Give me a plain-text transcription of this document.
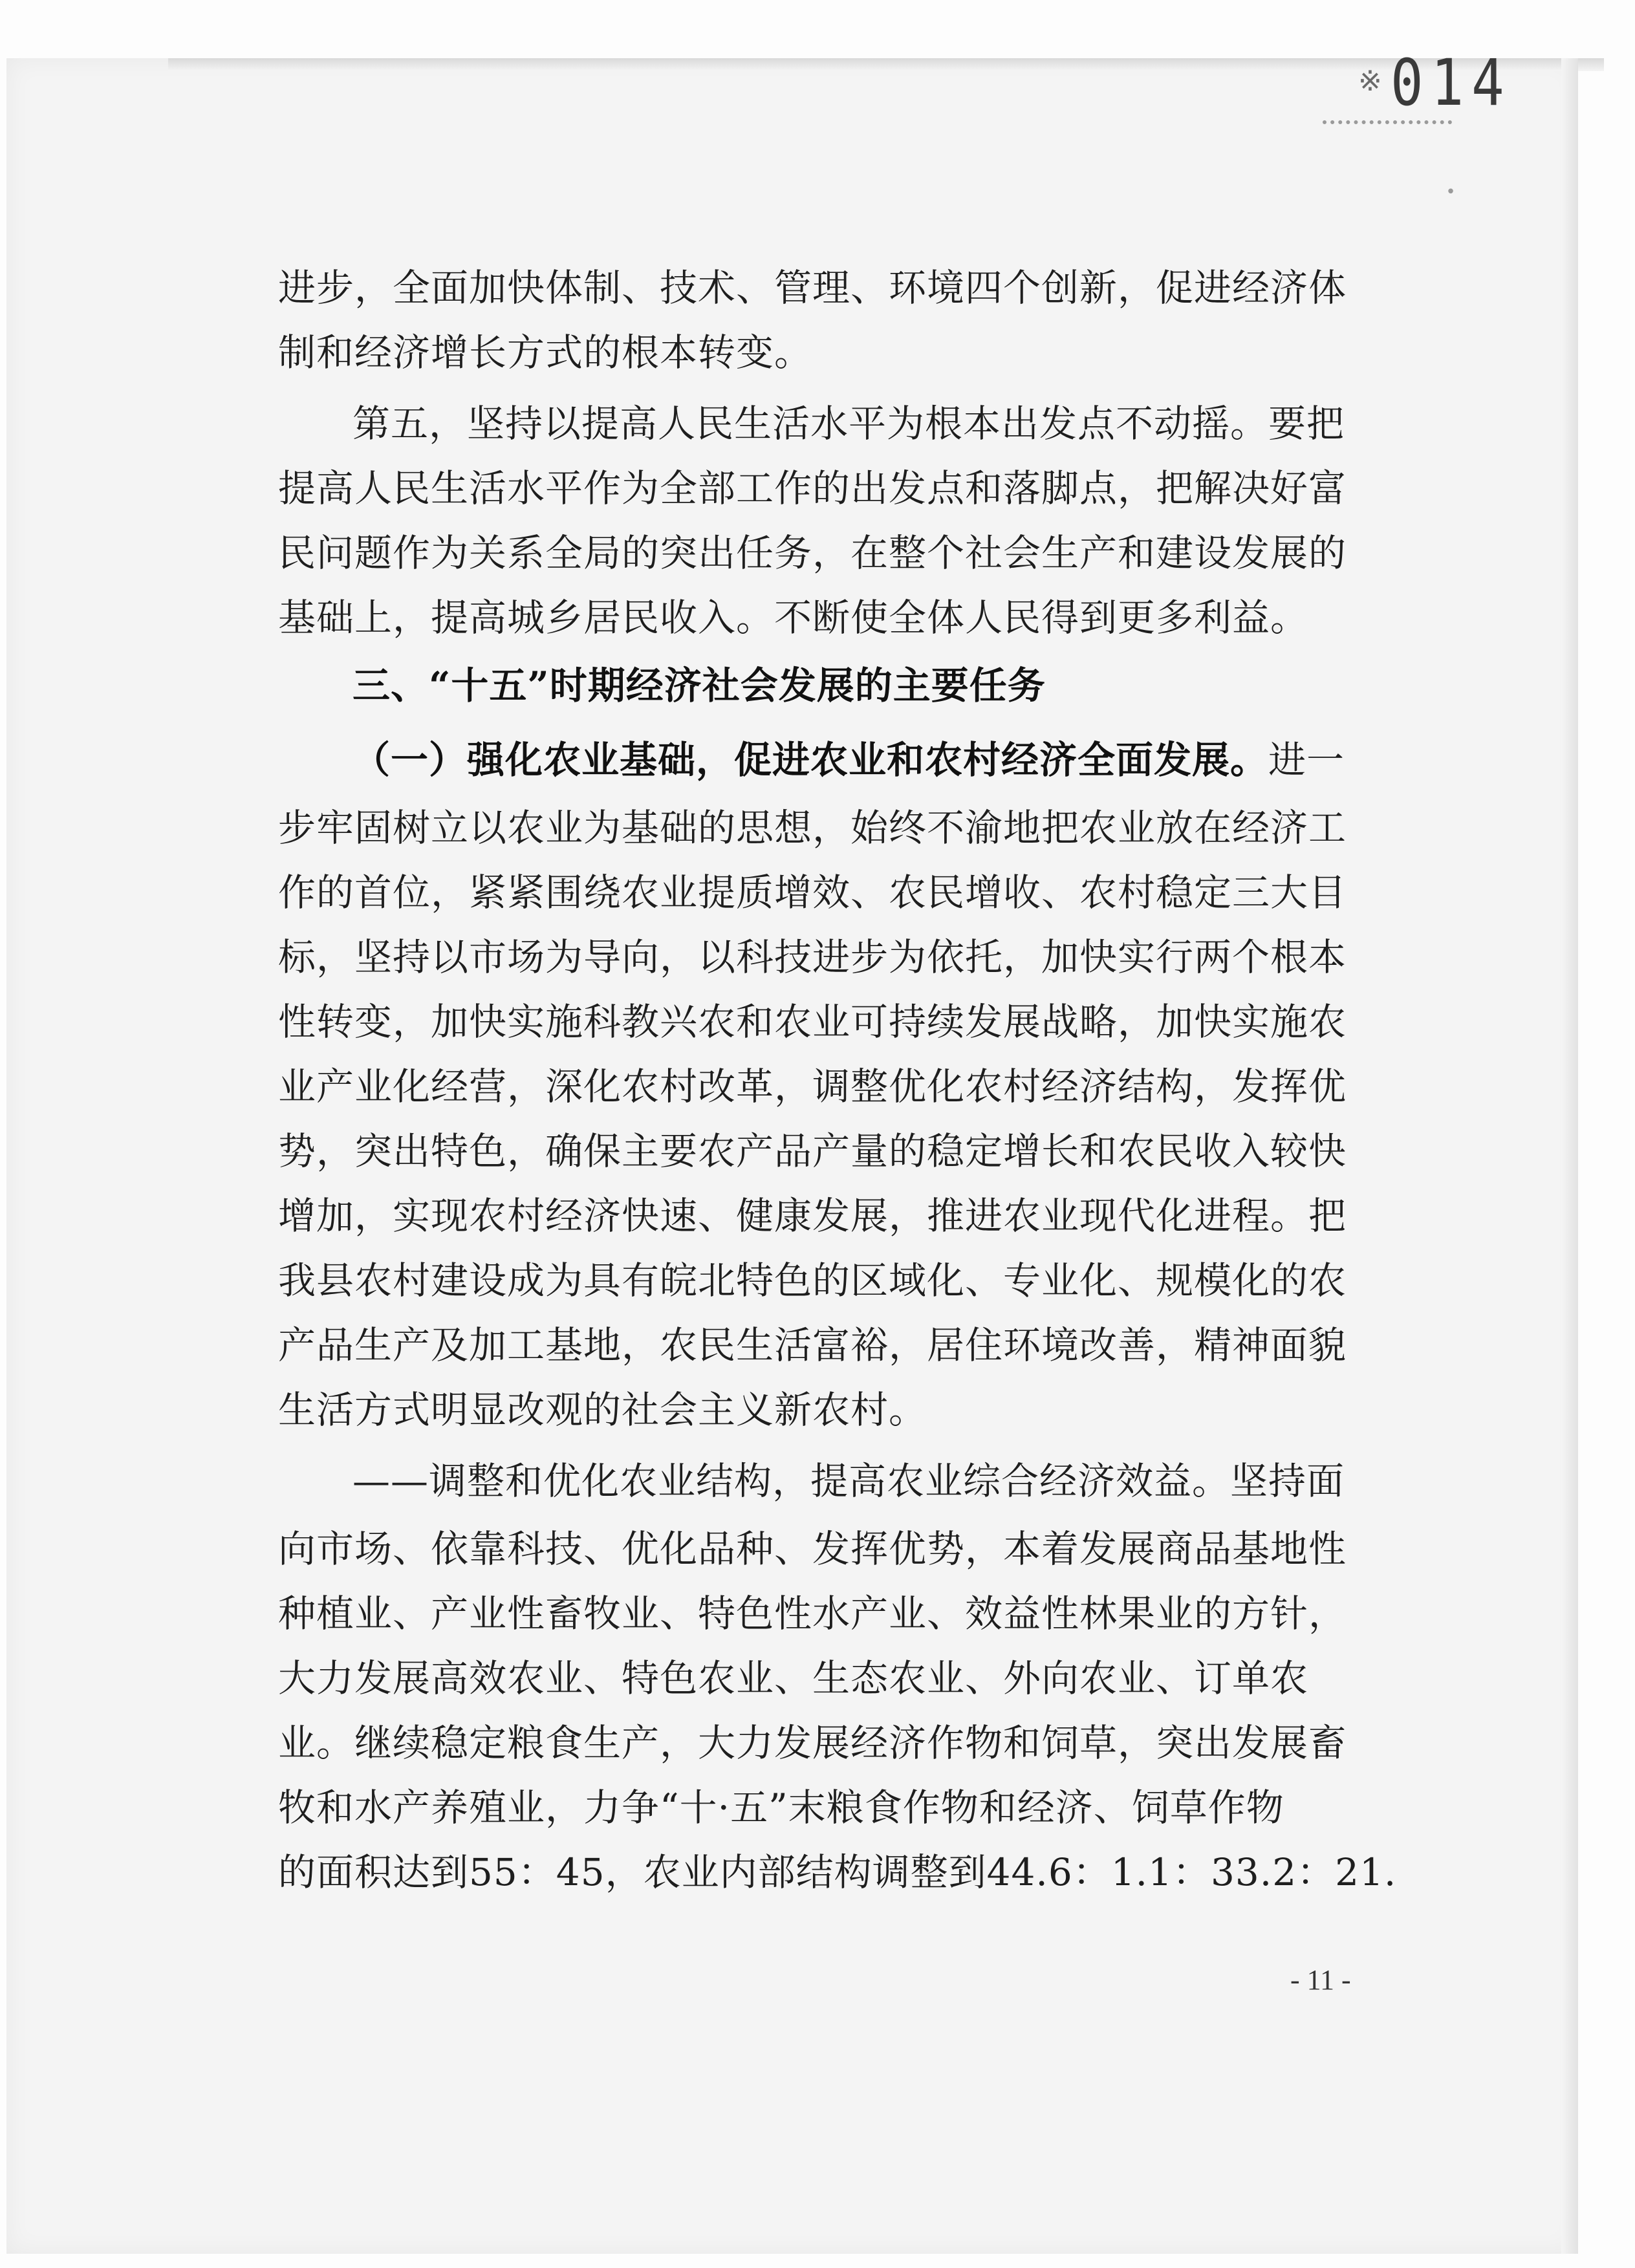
※ 014
•
进步，全面加快体制、技术、管理、环境四个创新，促进经济体
制和经济增长方式的根本转变。
第五，坚持以提高人民生活水平为根本出发点不动摇。要把
提高人民生活水平作为全部工作的出发点和落脚点，把解决好富
民问题作为关系全局的突出任务，在整个社会生产和建设发展的
基础上，提高城乡居民收入。不断使全体人民得到更多利益。
三、“十五”时期经济社会发展的主要任务
（一）强化农业基础，促进农业和农村经济全面发展。进一
步牢固树立以农业为基础的思想，始终不渝地把农业放在经济工
作的首位，紧紧围绕农业提质增效、农民增收、农村稳定三大目
标，坚持以市场为导向，以科技进步为依托，加快实行两个根本
性转变，加快实施科教兴农和农业可持续发展战略，加快实施农
业产业化经营，深化农村改革，调整优化农村经济结构，发挥优
势，突出特色，确保主要农产品产量的稳定增长和农民收入较快
增加，实现农村经济快速、健康发展，推进农业现代化进程。把
我县农村建设成为具有皖北特色的区域化、专业化、规模化的农
产品生产及加工基地，农民生活富裕，居住环境改善，精神面貌
生活方式明显改观的社会主义新农村。
——调整和优化农业结构，提高农业综合经济效益。坚持面
向市场、依靠科技、优化品种、发挥优势，本着发展商品基地性
种植业、产业性畜牧业、特色性水产业、效益性林果业的方针，
大力发展高效农业、特色农业、生态农业、外向农业、订单农
业。继续稳定粮食生产，大力发展经济作物和饲草，突出发展畜
牧和水产养殖业，力争“十·五”末粮食作物和经济、饲草作物
的面积达到55：45，农业内部结构调整到44.6：1.1：33.2：21.
- 11 -
